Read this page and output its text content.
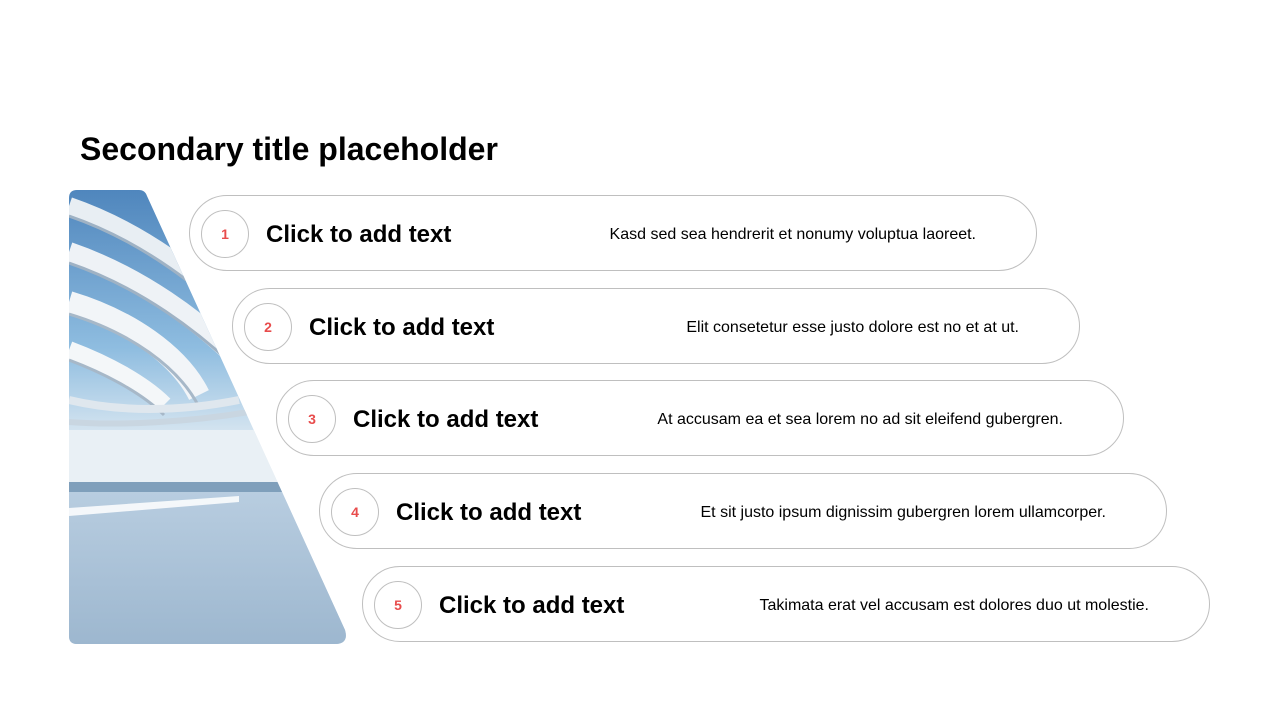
Secondary title placeholder
1	Click to add text	Kasd sed sea hendrerit et nonumy voluptua laoreet.
2	Click to add text	Elit consetetur esse justo dolore est no et at ut.
3	Click to add text	At accusam ea et sea lorem no ad sit eleifend gubergren.
4	Click to add text	Et sit justo ipsum dignissim gubergren lorem ullamcorper.
5	Click to add text	Takimata erat vel accusam est dolores duo ut molestie.
